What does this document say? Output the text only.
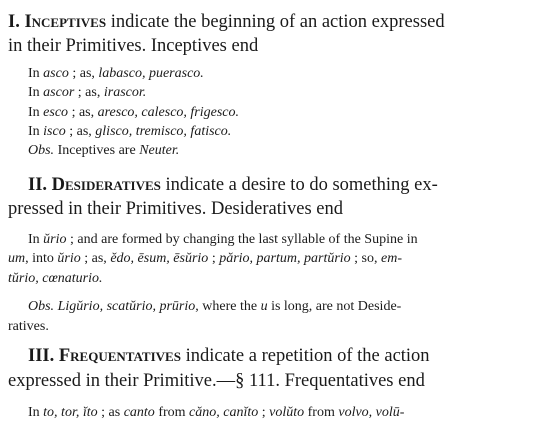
I. Inceptives indicate the beginning of an action expressed
in their Primitives. Inceptives end
In asco ; as, labasco, puerasco.
In ascor ; as, irascor.
In esco ; as, aresco, calesco, frigesco.
In isco ; as, glisco, tremisco, fatisco.
Obs. Inceptives are Neuter.
II. Desideratives indicate a desire to do something ex-
pressed in their Primitives. Desideratives end
In ŭrio ; and are formed by changing the last syllable of the Supine in
um, into ŭrio ; as, ĕdo, ēsum, ēsŭrio ; părio, partum, partŭrio ; so, em-
tŭrio, cœnaturio.
Obs. Ligŭrio, scatŭrio, prūrio, where the u is long, are not Deside-
ratives.
III. Frequentatives indicate a repetition of the action
expressed in their Primitive.—§ 111. Frequentatives end
In to, tor, ĭto ; as canto from căno, canĭto ; volŭto from volvo, volū-
